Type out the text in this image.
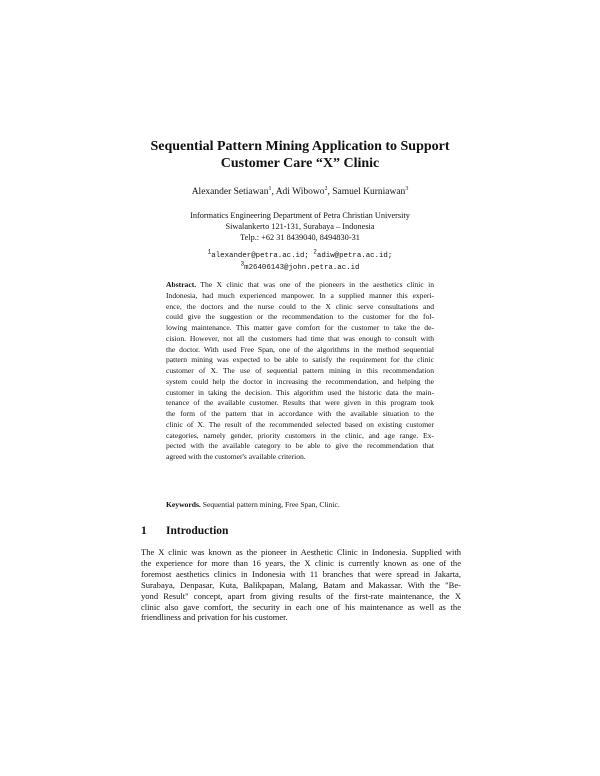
Sequential Pattern Mining Application to Support
Customer Care “X” Clinic
Alexander Setiawan$^1$, Adi Wibowo$^2$, Samuel Kurniawan$^3$
Informatics Engineering Department of Petra Christian University
Siwalankerto 121-131, Surabaya – Indonesia
Telp.: +62 31 8439040, 8494830-31
$^1$alexander@petra.ac.id; $^2$adiw@petra.ac.id;
$^3$m26406143@john.petra.ac.id
Abstract. The X clinic that was one of the pioneers in the aesthetics clinic in
Indonesia, had much experienced manpower. In a supplied manner this experi-
ence, the doctors and the nurse could to the X clinic serve consultations and
could give the suggestion or the recommendation to the customer for the fol-
lowing maintenance. This matter gave comfort for the customer to take the de-
cision. However, not all the customers had time that was enough to consult with
the doctor. With used Free Span, one of the algorithms in the method sequential
pattern mining was expected to be able to satisfy the requirement for the clinic
customer of X. The use of sequential pattern mining in this recommendation
system could help the doctor in increasing the recommendation, and helping the
customer in taking the decision. This algorithm used the historic data the main-
tenance of the available customer. Results that were given in this program took
the form of the pattern that in accordance with the available situation to the
clinic of X. The result of the recommended selected based on existing customer
categories, namely gender, priority customers in the clinic, and age range. Ex-
pected with the available category to be able to give the recommendation that
agreed with the customer's available criterion.
Keywords. Sequential pattern mining, Free Span, Clinic.
1 Introduction
The X clinic was known as the pioneer in Aesthetic Clinic in Indonesia. Supplied with
the experience for more than 16 years, the X clinic is currently known as one of the
foremost aesthetics clinics in Indonesia with 11 branches that were spread in Jakarta,
Surabaya, Denpasar, Kuta, Balikpapan, Malang, Batam and Makassar. With the "Be-
yond Result" concept, apart from giving results of the first-rate maintenance, the X
clinic also gave comfort, the security in each one of his maintenance as well as the
friendliness and privation for his customer.
